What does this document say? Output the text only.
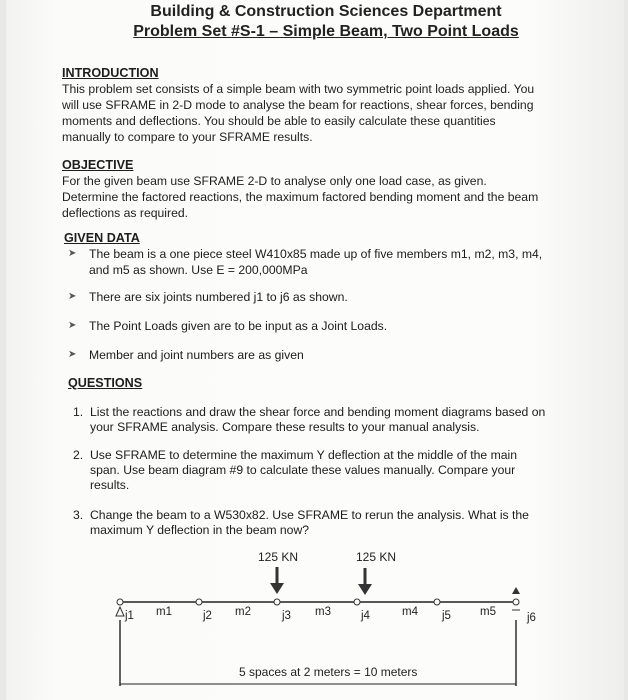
Building & Construction Sciences Department
Problem Set #S-1 – Simple Beam, Two Point Loads
INTRODUCTION
This problem set consists of a simple beam with two symmetric point loads applied. You
will use SFRAME in 2-D mode to analyse the beam for reactions, shear forces, bending
moments and deflections. You should be able to easily calculate these quantities
manually to compare to your SFRAME results.
OBJECTIVE
For the given beam use SFRAME 2-D to analyse only one load case, as given.
Determine the factored reactions, the maximum factored bending moment and the beam
deflections as required.
GIVEN DATA
➤ The beam is a one piece steel W410x85 made up of five members m1, m2, m3, m4,
and m5 as shown. Use E = 200,000MPa
➤ There are six joints numbered j1 to j6 as shown.
➤ The Point Loads given are to be input as a Joint Loads.
➤ Member and joint numbers are as given
QUESTIONS
1. List the reactions and draw the shear force and bending moment diagrams based on
your SFRAME analysis. Compare these results to your manual analysis.
2. Use SFRAME to determine the maximum Y deflection at the middle of the main
span. Use beam diagram #9 to calculate these values manually. Compare your
results.
3. Change the beam to a W530x82. Use SFRAME to rerun the analysis. What is the
maximum Y deflection in the beam now?
125 KN	125 KN
j1	j2	j3	j4	j5	j6
m1	m2	m3	m4	m5
5 spaces at 2 meters = 10 meters
